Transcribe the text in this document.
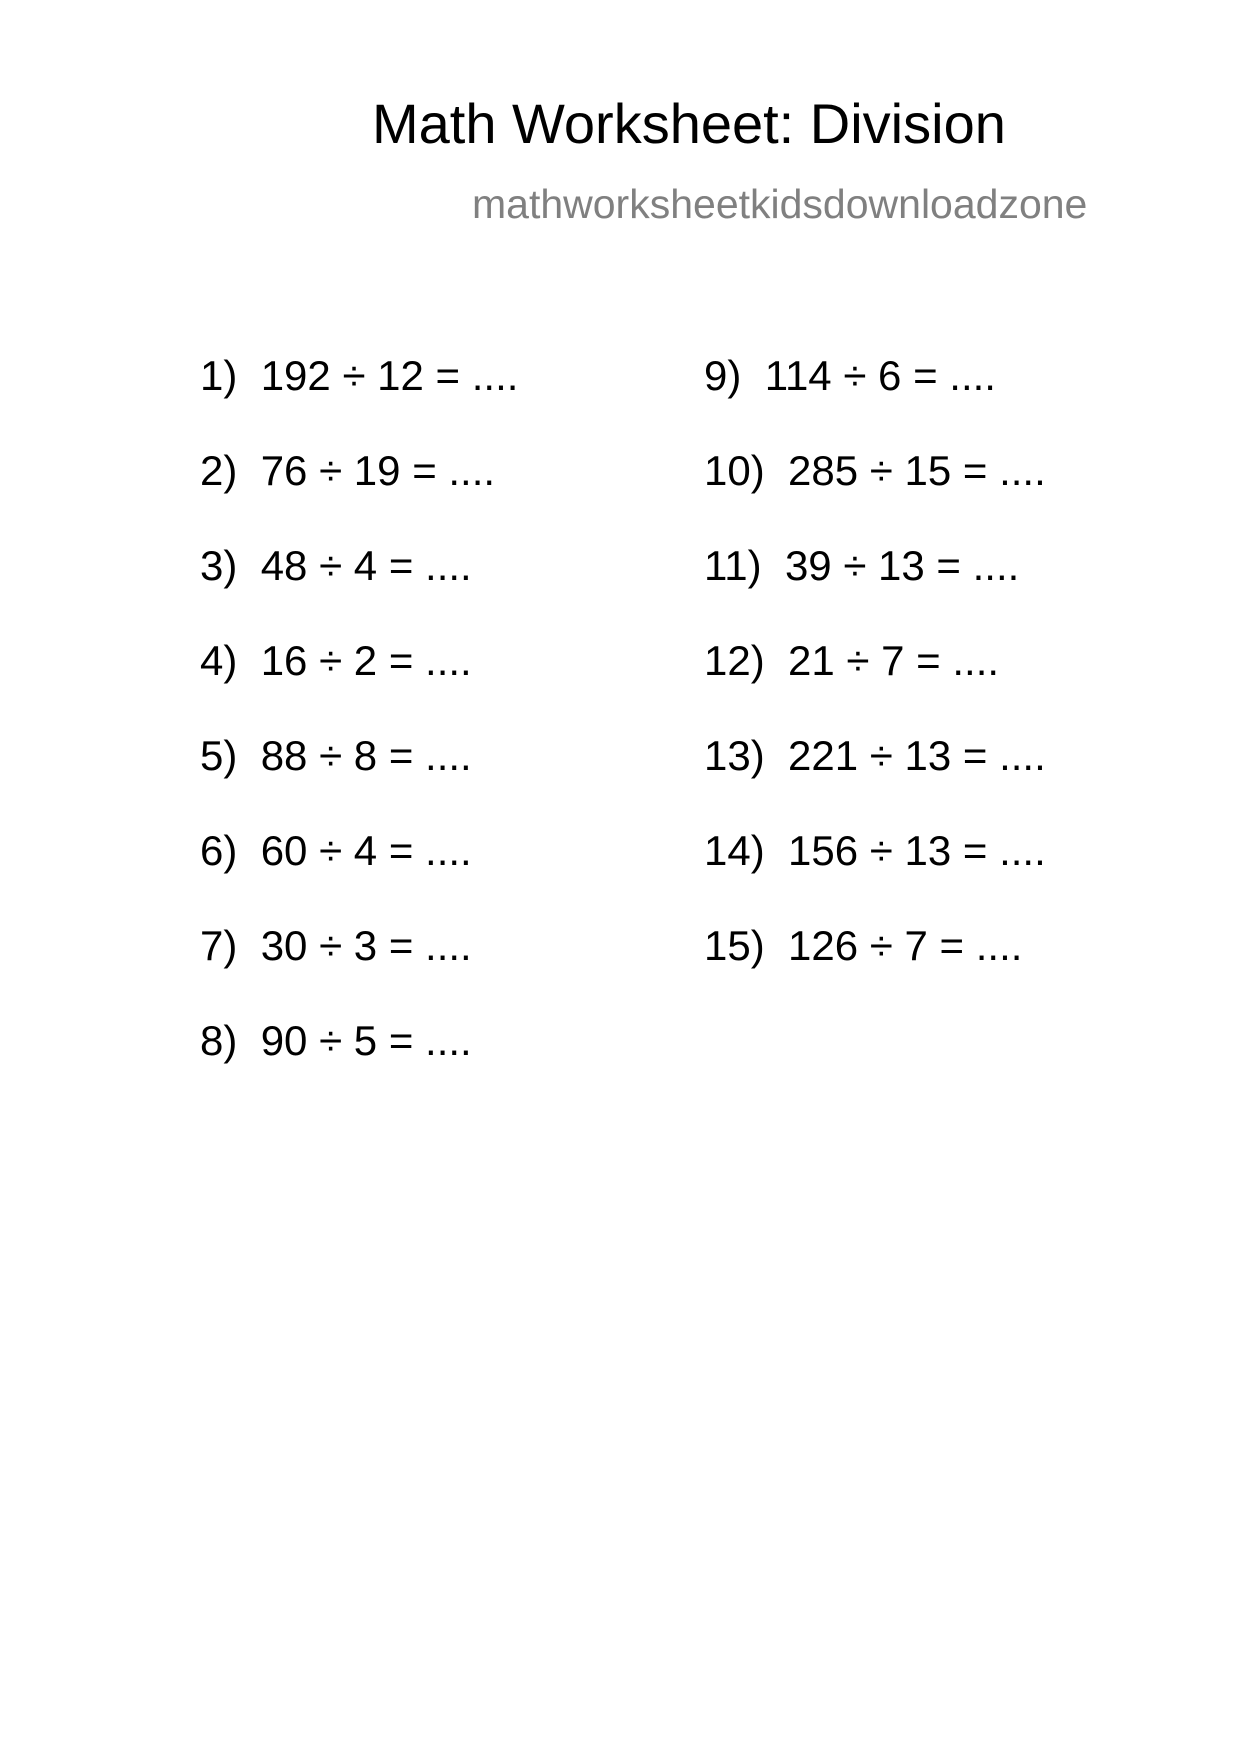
Math Worksheet: Division
mathworksheetkidsdownloadzone
1) 192 ÷ 12 = ....
2) 76 ÷ 19 = ....
3) 48 ÷ 4 = ....
4) 16 ÷ 2 = ....
5) 88 ÷ 8 = ....
6) 60 ÷ 4 = ....
7) 30 ÷ 3 = ....
8) 90 ÷ 5 = ....
9) 114 ÷ 6 = ....
10) 285 ÷ 15 = ....
11) 39 ÷ 13 = ....
12) 21 ÷ 7 = ....
13) 221 ÷ 13 = ....
14) 156 ÷ 13 = ....
15) 126 ÷ 7 = ....
